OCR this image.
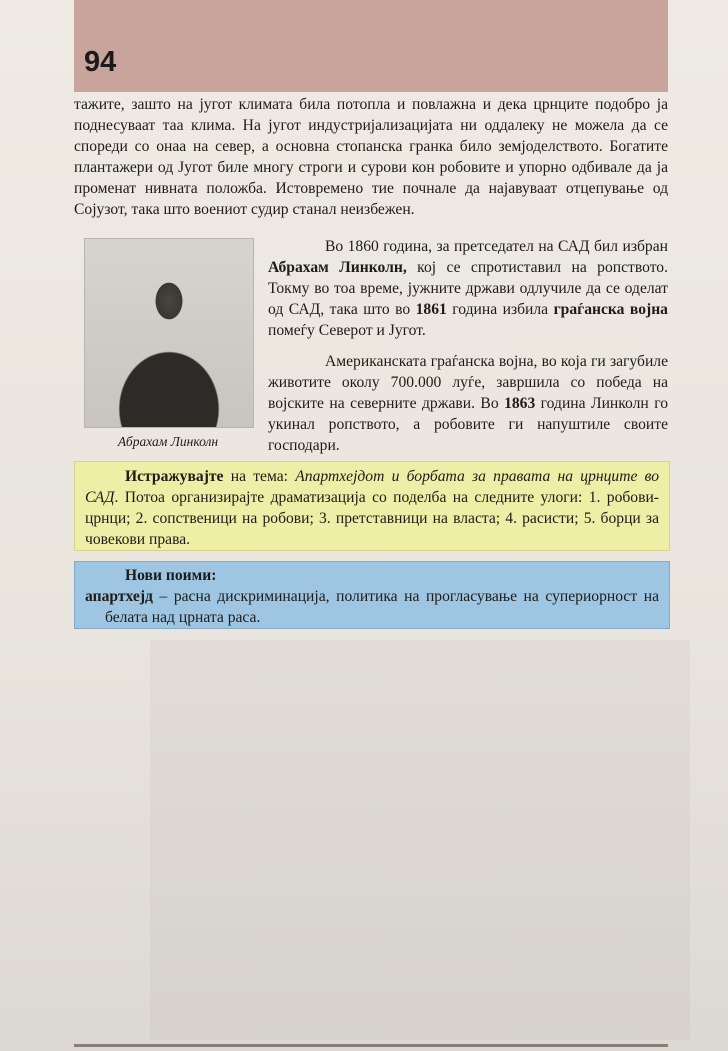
94

тажите, зашто на југот климата била потопла и повлажна и дека црнците подобро ја поднесуваат таа клима. На југот индустријализацијата ни оддалеку не можела да се спореди со онаа на север, а основна стопанска гранка било земјоделството. Богатите плантажери од Југот биле многу строги и сурови кон робовите и упорно одбивале да ја променат нивната положба. Истовремено тие почнале да најавуваат отцепување од Сојузот, така што воениот судир станал неизбежен.

Абрахам Линколн

Во 1860 година, за претседател на САД бил избран Абрахам Линколн, кој се спротиставил на ропството. Токму во тоа време, јужните држави одлучиле да се оделат од САД, така што во 1861 година избила граѓанска војна помеѓу Северот и Југот.

Американската граѓанска војна, во која ги загубиле животите околу 700.000 луѓе, завршила со победа на војските на северните држави. Во 1863 година Линколн го укинал ропството, а робовите ги напуштиле своите господари.

Истражувајте на тема: Апартхејдот и борбата за правата на црнците во САД. Потоа организирајте драматизација со поделба на следните улоги: 1. робови-црнци; 2. сопственици на робови; 3. претставници на власта; 4. расисти; 5. борци за човекови права.

Нови поими:

апартхејд – расна дискриминација, политика на прогласување на супериорност на белата над црната раса.
